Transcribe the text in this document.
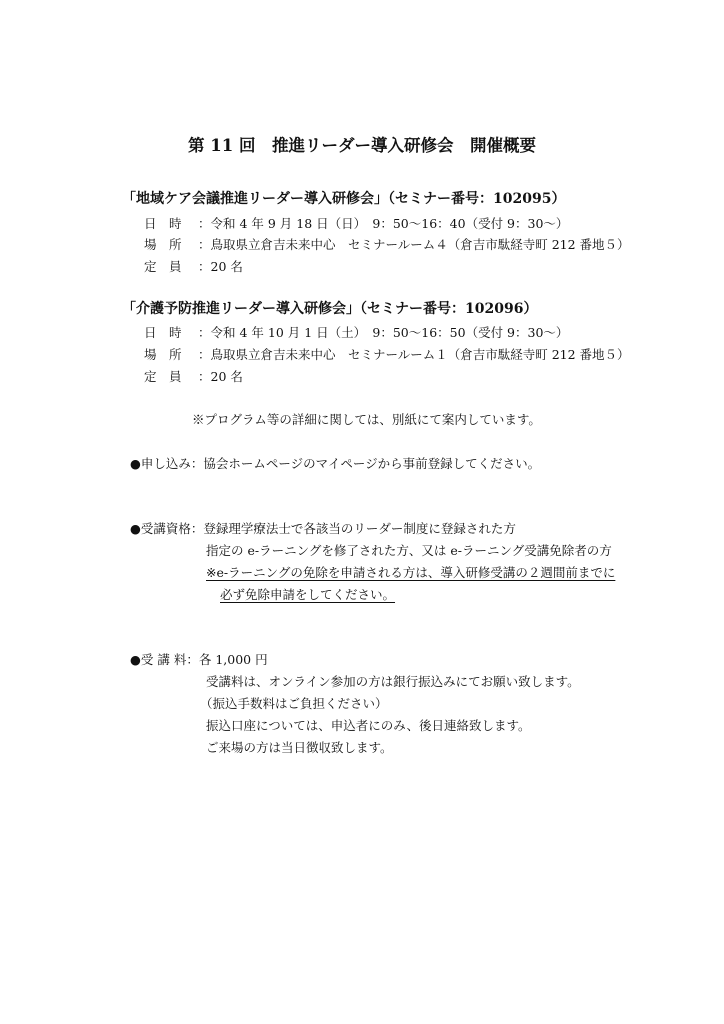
第 11 回　推進リーダー導入研修会　開催概要
「地域ケア会議推進リーダー導入研修会」（セミナー番号：102095）
日　時 ：令和 4 年 9 月 18 日（日）　9：50〜16：40（受付 9：30〜）
場　所 ：鳥取県立倉吉未来中心　セミナールーム４（倉吉市駄経寺町 212 番地５）
定　員 ：20 名
「介護予防推進リーダー導入研修会」（セミナー番号：102096）
日　時 ：令和 4 年 10 月 1 日（土）　9：50〜16：50（受付 9：30〜）
場　所 ：鳥取県立倉吉未来中心　セミナールーム１（倉吉市駄経寺町 212 番地５）
定　員 ：20 名
※プログラム等の詳細に関しては、別紙にて案内しています。
●申し込み：協会ホームページのマイページから事前登録してください。
●受講資格：登録理学療法士で各該当のリーダー制度に登録された方
指定の e-ラーニングを修了された方、又は e-ラーニング受講免除者の方
※e-ラーニングの免除を申請される方は、導入研修受講の２週間前までに
必ず免除申請をしてください。
●受 講 料：各 1,000 円
受講料は、オンライン参加の方は銀行振込みにてお願い致します。
（振込手数料はご負担ください）
振込口座については、申込者にのみ、後日連絡致します。
ご来場の方は当日徴収致します。
